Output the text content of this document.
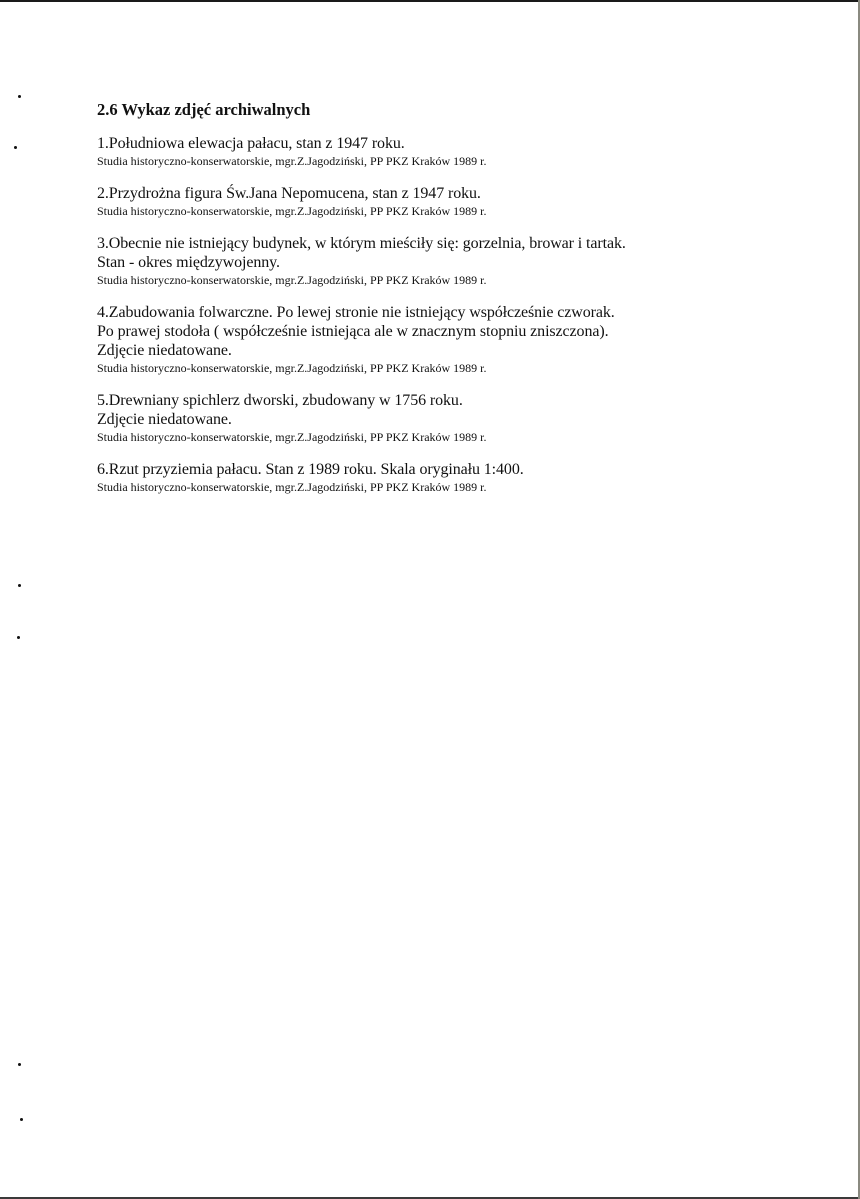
2.6 Wykaz zdjęć archiwalnych
1.Południowa elewacja pałacu, stan z 1947 roku.
Studia historyczno-konserwatorskie, mgr.Z.Jagodziński, PP PKZ Kraków 1989 r.
2.Przydrożna figura Św.Jana Nepomucena, stan z 1947 roku.
Studia historyczno-konserwatorskie, mgr.Z.Jagodziński, PP PKZ Kraków 1989 r.
3.Obecnie nie istniejący budynek, w którym mieściły się: gorzelnia, browar i tartak.
Stan - okres międzywojenny.
Studia historyczno-konserwatorskie, mgr.Z.Jagodziński, PP PKZ Kraków 1989 r.
4.Zabudowania folwarczne. Po lewej stronie nie istniejący współcześnie czworak.
Po prawej stodoła ( współcześnie istniejąca ale w znacznym stopniu zniszczona).
Zdjęcie niedatowane.
Studia historyczno-konserwatorskie, mgr.Z.Jagodziński, PP PKZ Kraków 1989 r.
5.Drewniany spichlerz dworski, zbudowany w 1756 roku.
Zdjęcie niedatowane.
Studia historyczno-konserwatorskie, mgr.Z.Jagodziński, PP PKZ Kraków 1989 r.
6.Rzut przyziemia pałacu. Stan z 1989 roku. Skala oryginału 1:400.
Studia historyczno-konserwatorskie, mgr.Z.Jagodziński, PP PKZ Kraków 1989 r.
